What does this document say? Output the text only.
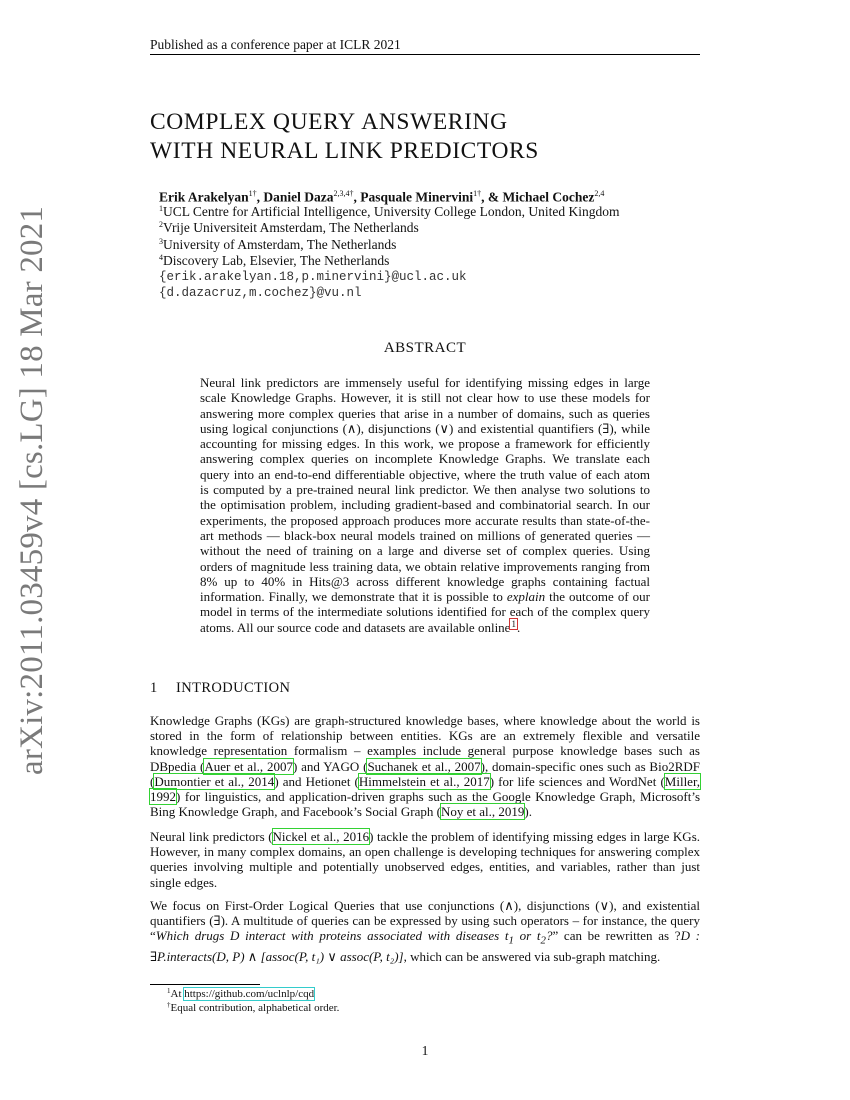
Published as a conference paper at ICLR 2021
arXiv:2011.03459v4 [cs.LG] 18 Mar 2021
COMPLEX QUERY ANSWERING
WITH NEURAL LINK PREDICTORS
Erik Arakelyan$^{1\dagger}$, Daniel Daza$^{2,3,4\dagger}$, Pasquale Minervini$^{1\dagger}$, & Michael Cochez$^{2,4}$
$^1$UCL Centre for Artificial Intelligence, University College London, United Kingdom
$^2$Vrije Universiteit Amsterdam, The Netherlands
$^3$University of Amsterdam, The Netherlands
$^4$Discovery Lab, Elsevier, The Netherlands
{erik.arakelyan.18,p.minervini}@ucl.ac.uk
{d.dazacruz,m.cochez}@vu.nl
ABSTRACT
Neural link predictors are immensely useful for identifying missing edges in large scale Knowledge Graphs. However, it is still not clear how to use these models for answering more complex queries that arise in a number of domains, such as queries using logical conjunctions (∧), disjunctions (∨) and existential quantifiers (∃), while accounting for missing edges. In this work, we propose a framework for efficiently answering complex queries on incomplete Knowledge Graphs. We translate each query into an end-to-end differentiable objective, where the truth value of each atom is computed by a pre-trained neural link predictor. We then analyse two solutions to the optimisation problem, including gradient-based and combinatorial search. In our experiments, the proposed approach produces more accurate results than state-of-the-art methods — black-box neural models trained on millions of generated queries — without the need of training on a large and diverse set of complex queries. Using orders of magnitude less training data, we obtain relative improvements ranging from 8% up to 40% in Hits@3 across different knowledge graphs containing factual information. Finally, we demonstrate that it is possible to explain the outcome of our model in terms of the intermediate solutions identified for each of the complex query atoms. All our source code and datasets are available online$^1$.
1 INTRODUCTION
Knowledge Graphs (KGs) are graph-structured knowledge bases, where knowledge about the world is stored in the form of relationship between entities. KGs are an extremely flexible and versatile knowledge representation formalism – examples include general purpose knowledge bases such as DBpedia (Auer et al., 2007) and YAGO (Suchanek et al., 2007), domain-specific ones such as Bio2RDF (Dumontier et al., 2014) and Hetionet (Himmelstein et al., 2017) for life sciences and WordNet (Miller, 1992) for linguistics, and application-driven graphs such as the Google Knowledge Graph, Microsoft’s Bing Knowledge Graph, and Facebook’s Social Graph (Noy et al., 2019).
Neural link predictors (Nickel et al., 2016) tackle the problem of identifying missing edges in large KGs. However, in many complex domains, an open challenge is developing techniques for answering complex queries involving multiple and potentially unobserved edges, entities, and variables, rather than just single edges.
We focus on First-Order Logical Queries that use conjunctions (∧), disjunctions (∨), and existential quantifiers (∃). A multitude of queries can be expressed by using such operators – for instance, the query “Which drugs D interact with proteins associated with diseases $t_1$ or $t_2$?” can be rewritten as ?D : ∃P.interacts(D, P) ∧ [assoc(P, t₁) ∨ assoc(P, t₂)], which can be answered via sub-graph matching.
$^1$At https://github.com/uclnlp/cqd
†Equal contribution, alphabetical order.
1
